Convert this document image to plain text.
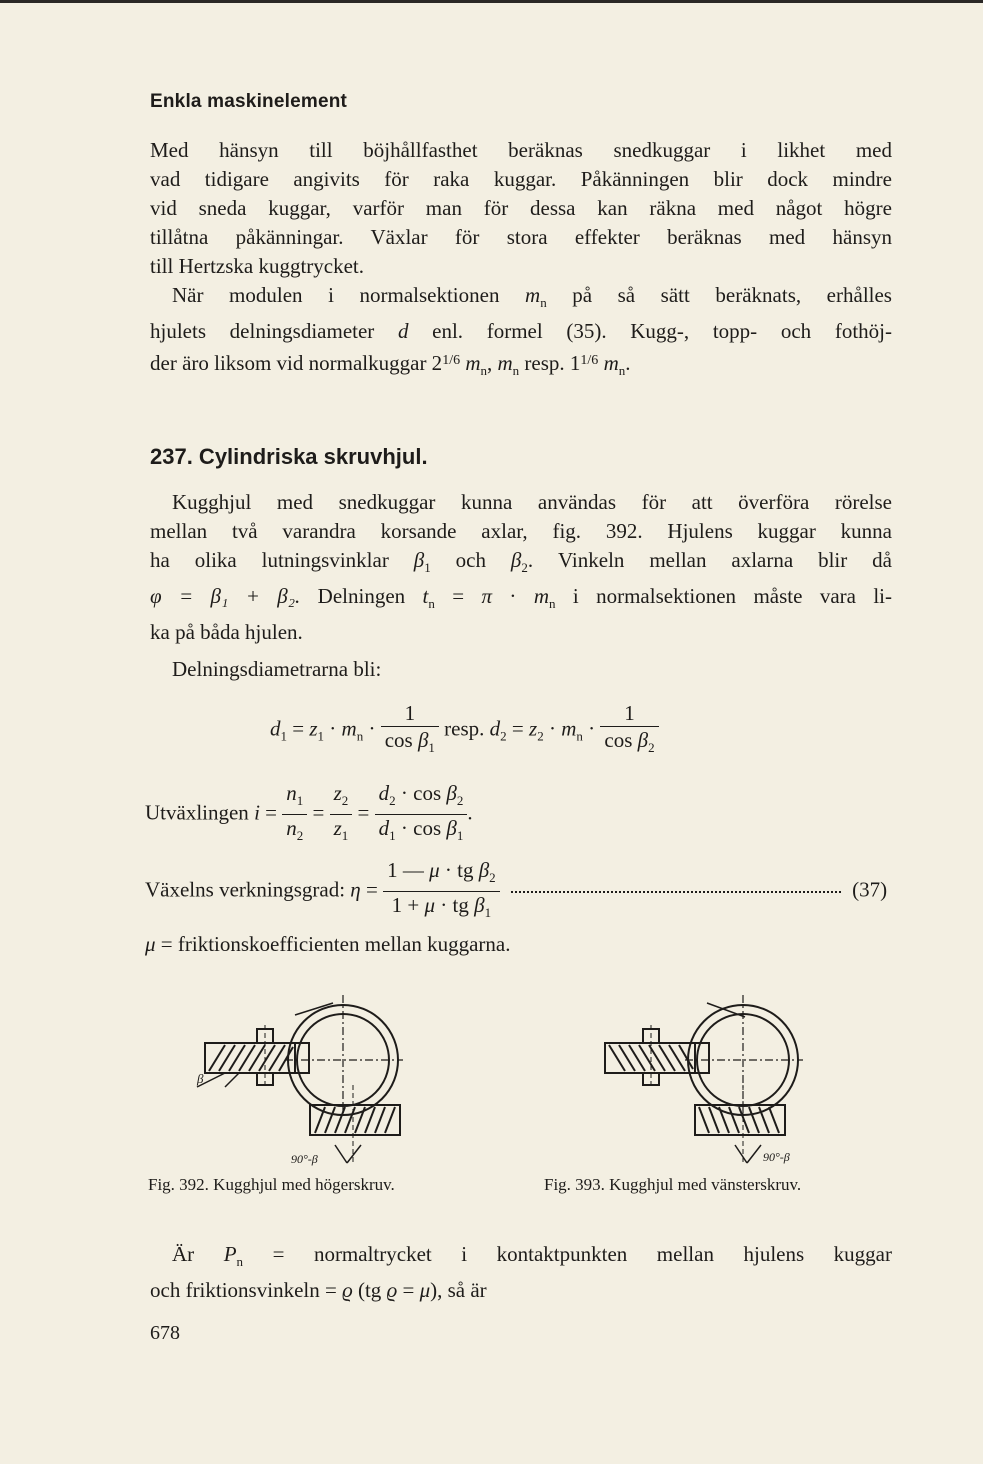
Enkla maskinelement
Med hänsyn till böjhållfasthet beräknas snedkuggar i likhet med
vad tidigare angivits för raka kuggar. Påkänningen blir dock mindre
vid sneda kuggar, varför man för dessa kan räkna med något högre
tillåtna påkänningar. Växlar för stora effekter beräknas med hänsyn
till Hertzska kuggtrycket.
När modulen i normalsektionen $m_n$ på så sätt beräknats, erhålles
hjulets delningsdiameter d enl. formel (35). Kugg-, topp- och fothöj-
der äro liksom vid normalkuggar $2^{1/6}$ $m_n$, $m_n$ resp. $1^{1/6}$ $m_n$.
237. Cylindriska skruvhjul.
Kugghjul med snedkuggar kunna användas för att överföra rörelse
mellan två varandra korsande axlar, fig. 392. Hjulens kuggar kunna
ha olika lutningsvinklar $\beta_1$ och $\beta_2$. Vinkeln mellan axlarna blir då
φ = β₁ + β₂. Delningen $t_n = \pi \cdot m_n$ i normalsektionen måste vara li-
ka på båda hjulen.
Delningsdiametrarna bli:
$d_1 = z_1 \cdot m_n \cdot \frac{1}{\cos \beta_1}$ resp. $d_2 = z_2 \cdot m_n \cdot \frac{1}{\cos \beta_2}$
Utväxlingen $i = \frac{n_1}{n_2} = \frac{z_2}{z_1} = \frac{d_2 \cdot \cos \beta_2}{d_1 \cdot \cos \beta_1}$ .
Växelns verkningsgrad: $\eta = \frac{1 — \mu \cdot tg \beta_2}{1 + \mu \cdot tg \beta_1}$	(37)
μ = friktionskoefficienten mellan kuggarna.
β
90°-β
Fig. 392. Kugghjul med högerskruv.
90°-β
Fig. 393. Kugghjul med vänsterskruv.
Är $P_n$ = normaltrycket i kontaktpunkten mellan hjulens kuggar
och friktionsvinkeln = ϱ (tg ϱ = μ), så är
678
